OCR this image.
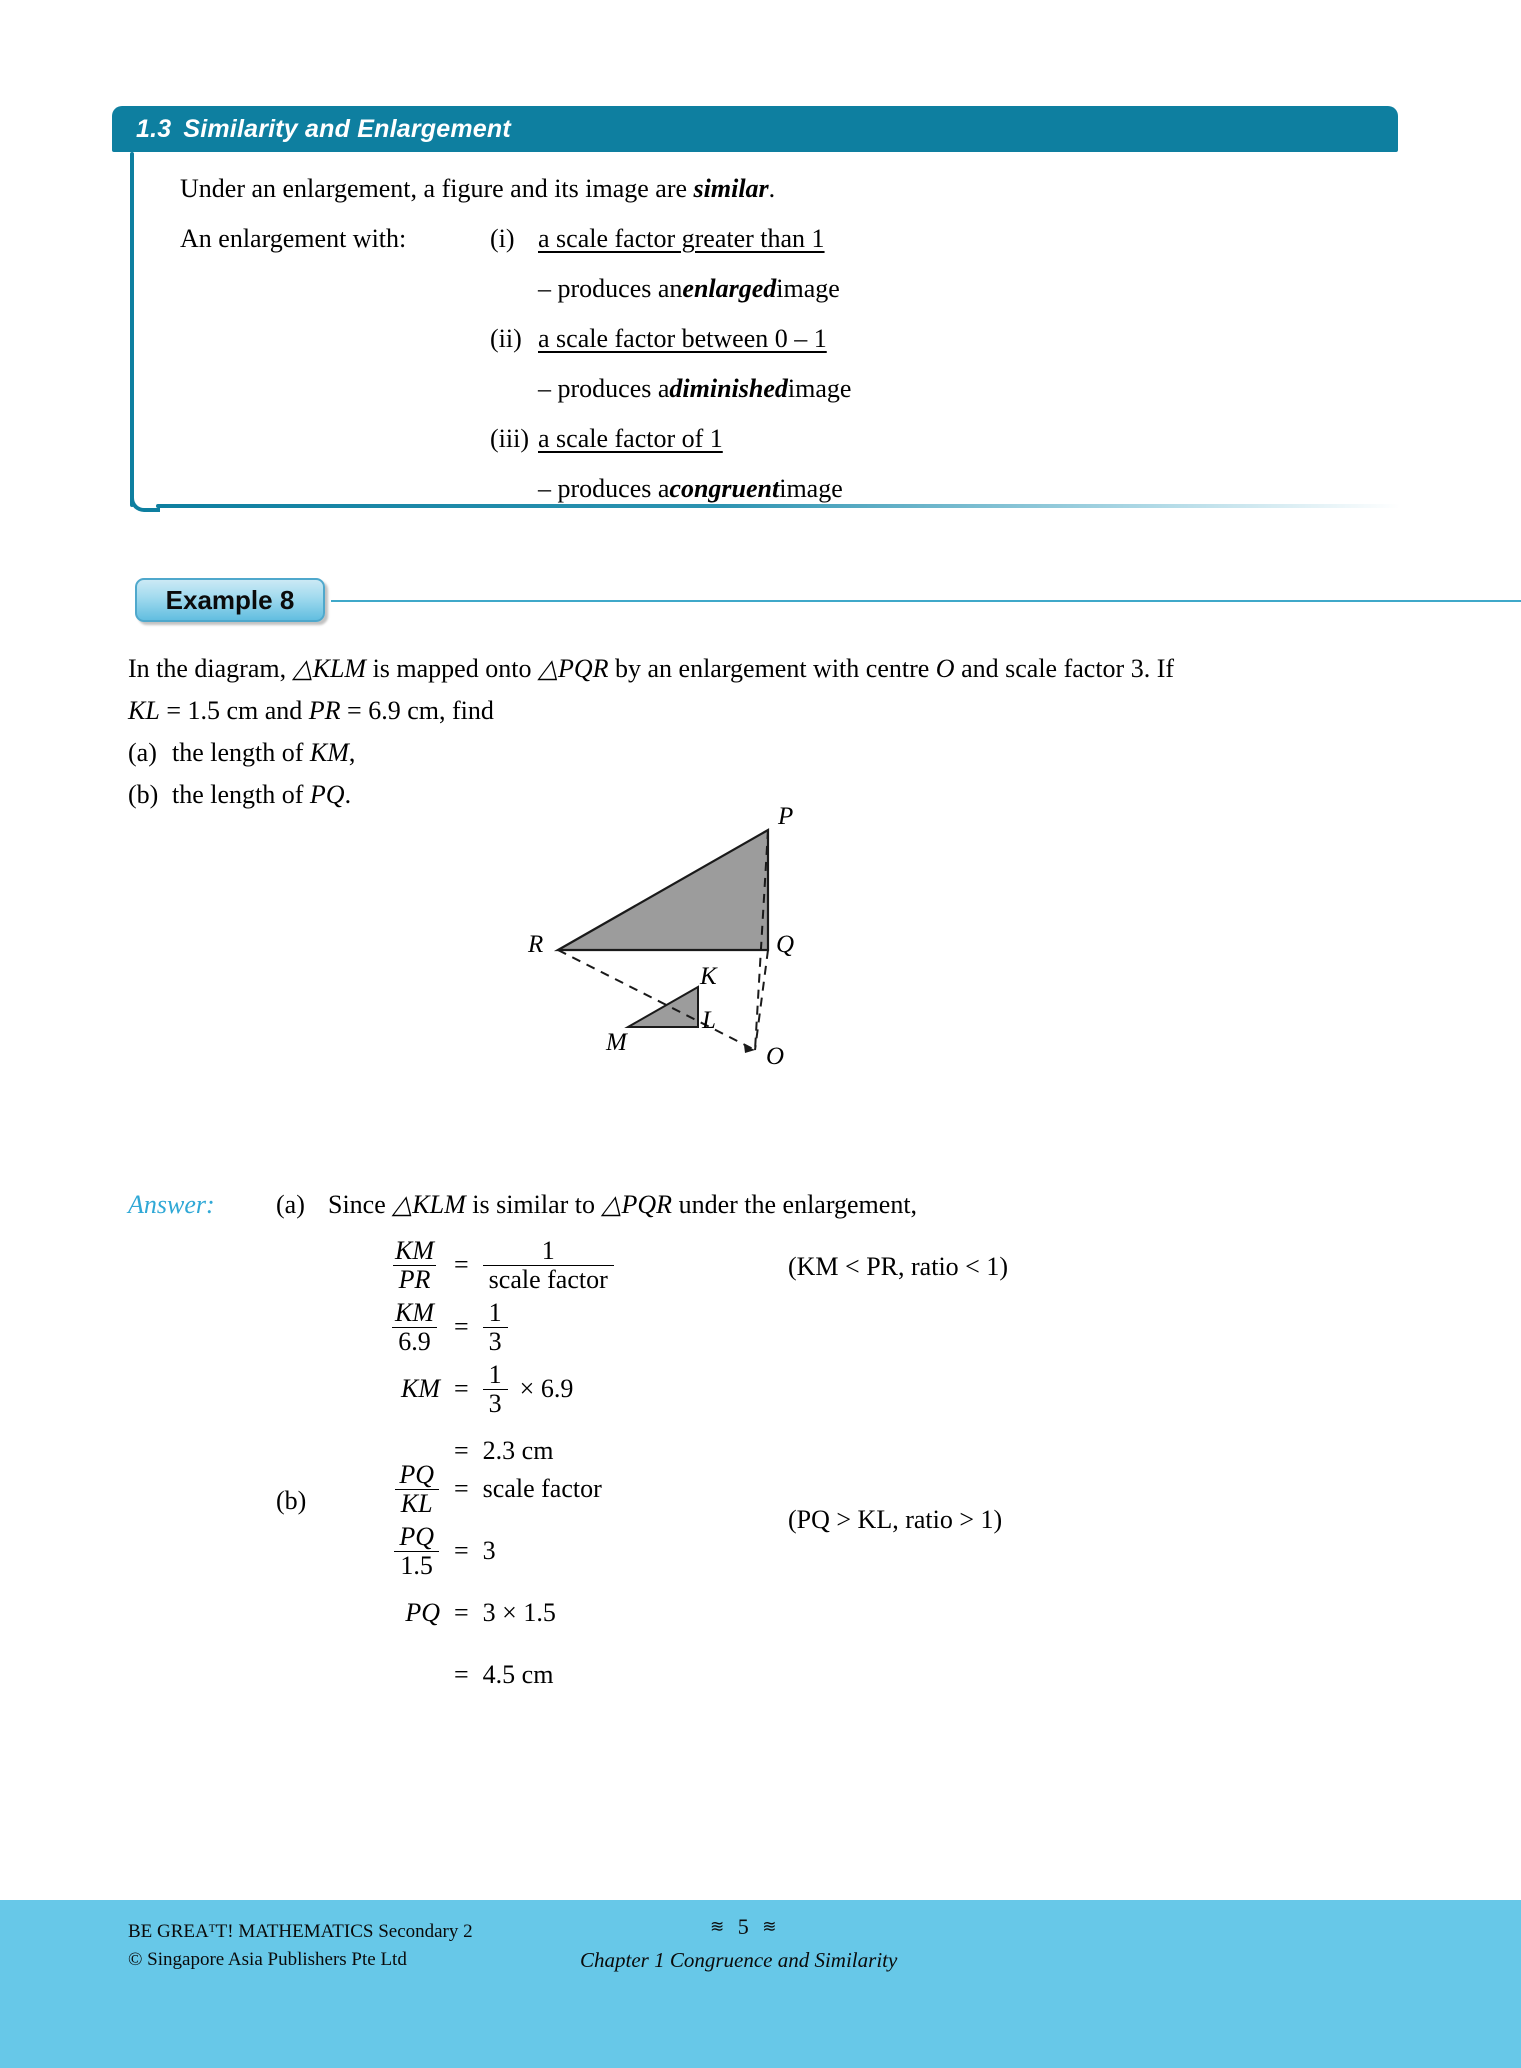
1.3 Similarity and Enlargement
Under an enlargement, a figure and its image are similar.
An enlargement with:	(i) a scale factor greater than 1
– produces an enlarged image
(ii) a scale factor between 0 – 1
– produces a diminished image
(iii) a scale factor of 1
– produces a congruent image
Example 8
In the diagram, △KLM is mapped onto △PQR by an enlargement with centre O and scale factor 3. If
KL = 1.5 cm and PR = 6.9 cm, find
(a) the length of KM,
(b) the length of PQ.
P
Q
R
K
L
M
O
Answer: (a) Since △KLM is similar to △PQR under the enlargement,
(KM < PR, ratio < 1)
(PQ > KL, ratio > 1)
$\frac{KM}{PR} = \frac{1}{\text{scale factor}}$
$\frac{KM}{6.9} = \frac{1}{3}$
KM = $\frac{1}{3} \times 6.9$
= 2.3 cm
(b)	$\frac{PQ}{KL}$ = scale factor
$\frac{PQ}{1.5} = 3$
PQ = 3 × 1.5
= 4.5 cm
BE GREAᵀT! MATHEMATICS Secondary 2
© Singapore Asia Publishers Pte Ltd
≋ 5 ≋
Chapter 1 Congruence and Similarity
